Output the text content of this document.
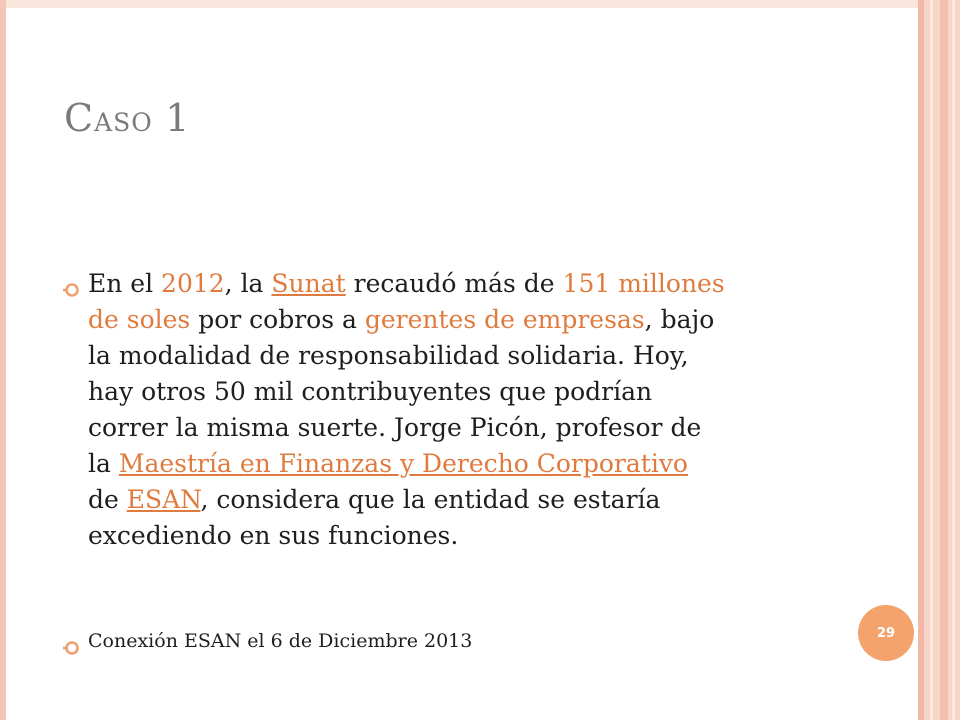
Caso 1
En el 2012, la Sunat recaudó más de 151 millones
de soles por cobros a gerentes de empresas, bajo
la modalidad de responsabilidad solidaria. Hoy,
hay otros 50 mil contribuyentes que podrían
correr la misma suerte. Jorge Picón, profesor de
la Maestría en Finanzas y Derecho Corporativo
de ESAN, considera que la entidad se estaría
excediendo en sus funciones.
Conexión ESAN el 6 de Diciembre 2013	29
